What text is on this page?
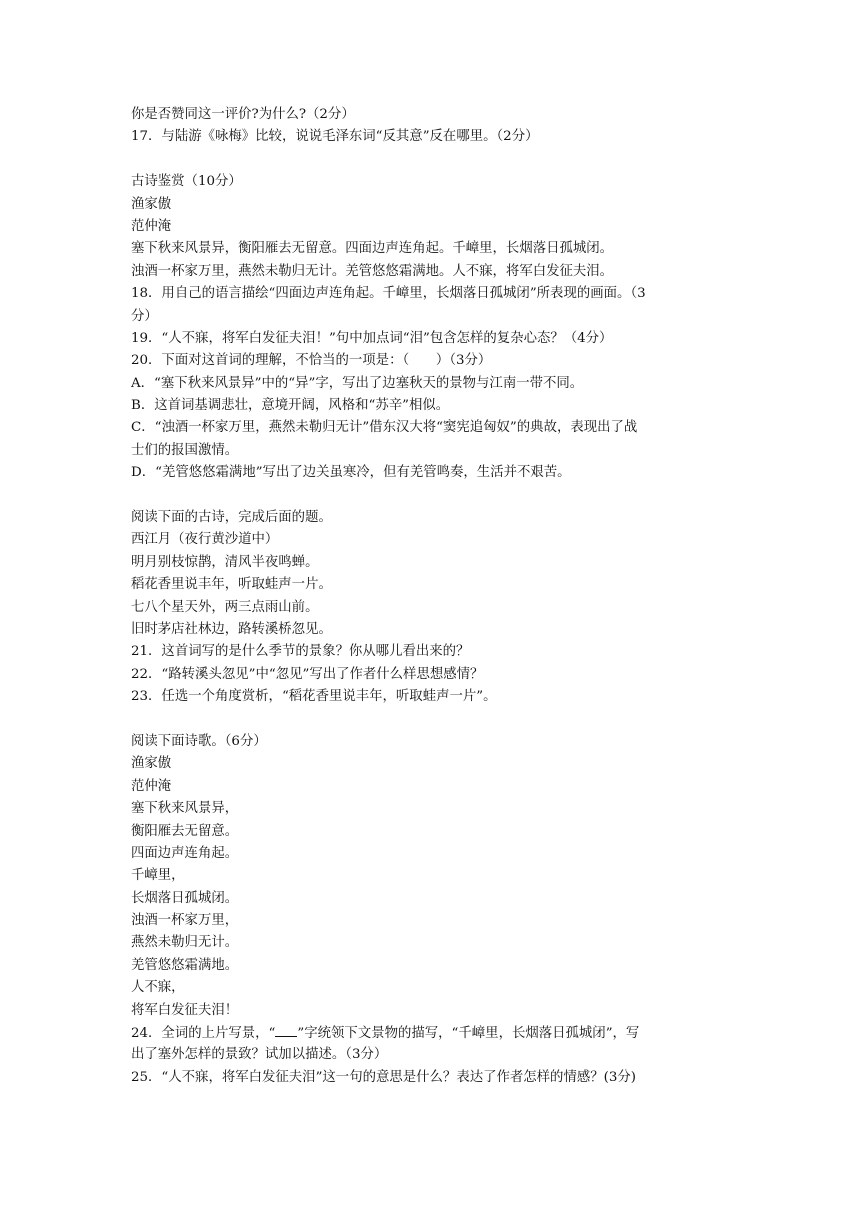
你是否赞同这一评价?为什么?（2分）
17．与陆游《咏梅》比较，说说毛泽东词“反其意”反在哪里。（2分）
古诗鉴赏（10分）
渔家傲
范仲淹
塞下秋来风景异，衡阳雁去无留意。四面边声连角起。千嶂里，长烟落日孤城闭。
浊酒一杯家万里，燕然未勒归无计。羌管悠悠霜满地。人不寐，将军白发征夫泪。
18．用自己的语言描绘“四面边声连角起。千嶂里，长烟落日孤城闭”所表现的画面。（3
分）
19．“人不寐，将军白发征夫泪！”句中加点词“泪”包含怎样的复杂心态？（4分）
20．下面对这首词的理解，不恰当的一项是：（　　）（3分）
A．“塞下秋来风景异”中的“异”字，写出了边塞秋天的景物与江南一带不同。
B．这首词基调悲壮，意境开阔，风格和“苏辛”相似。
C．“浊酒一杯家万里，燕然未勒归无计”借东汉大将“窦宪追匈奴”的典故，表现出了战
士们的报国激情。
D．“羌管悠悠霜满地”写出了边关虽寒冷，但有羌管鸣奏，生活并不艰苦。
阅读下面的古诗，完成后面的题。
西江月（夜行黄沙道中）
明月别枝惊鹊，清风半夜鸣蝉。
稻花香里说丰年，听取蛙声一片。
七八个星天外，两三点雨山前。
旧时茅店社林边，路转溪桥忽见。
21．这首词写的是什么季节的景象？你从哪儿看出来的？
22．“路转溪头忽见”中“忽见”写出了作者什么样思想感情？
23．任选一个角度赏析，“稻花香里说丰年，听取蛙声一片”。
阅读下面诗歌。（6分）
渔家傲
范仲淹
塞下秋来风景异，
衡阳雁去无留意。
四面边声连角起。
千嶂里，
长烟落日孤城闭。
浊酒一杯家万里，
燕然未勒归无计。
羌管悠悠霜满地。
人不寐，
将军白发征夫泪！
24．全词的上片写景，“ ”字统领下文景物的描写，“千嶂里，长烟落日孤城闭”，写
出了塞外怎样的景致？试加以描述。（3分）
25．“人不寐，将军白发征夫泪”这一句的意思是什么？表达了作者怎样的情感？(3分)
